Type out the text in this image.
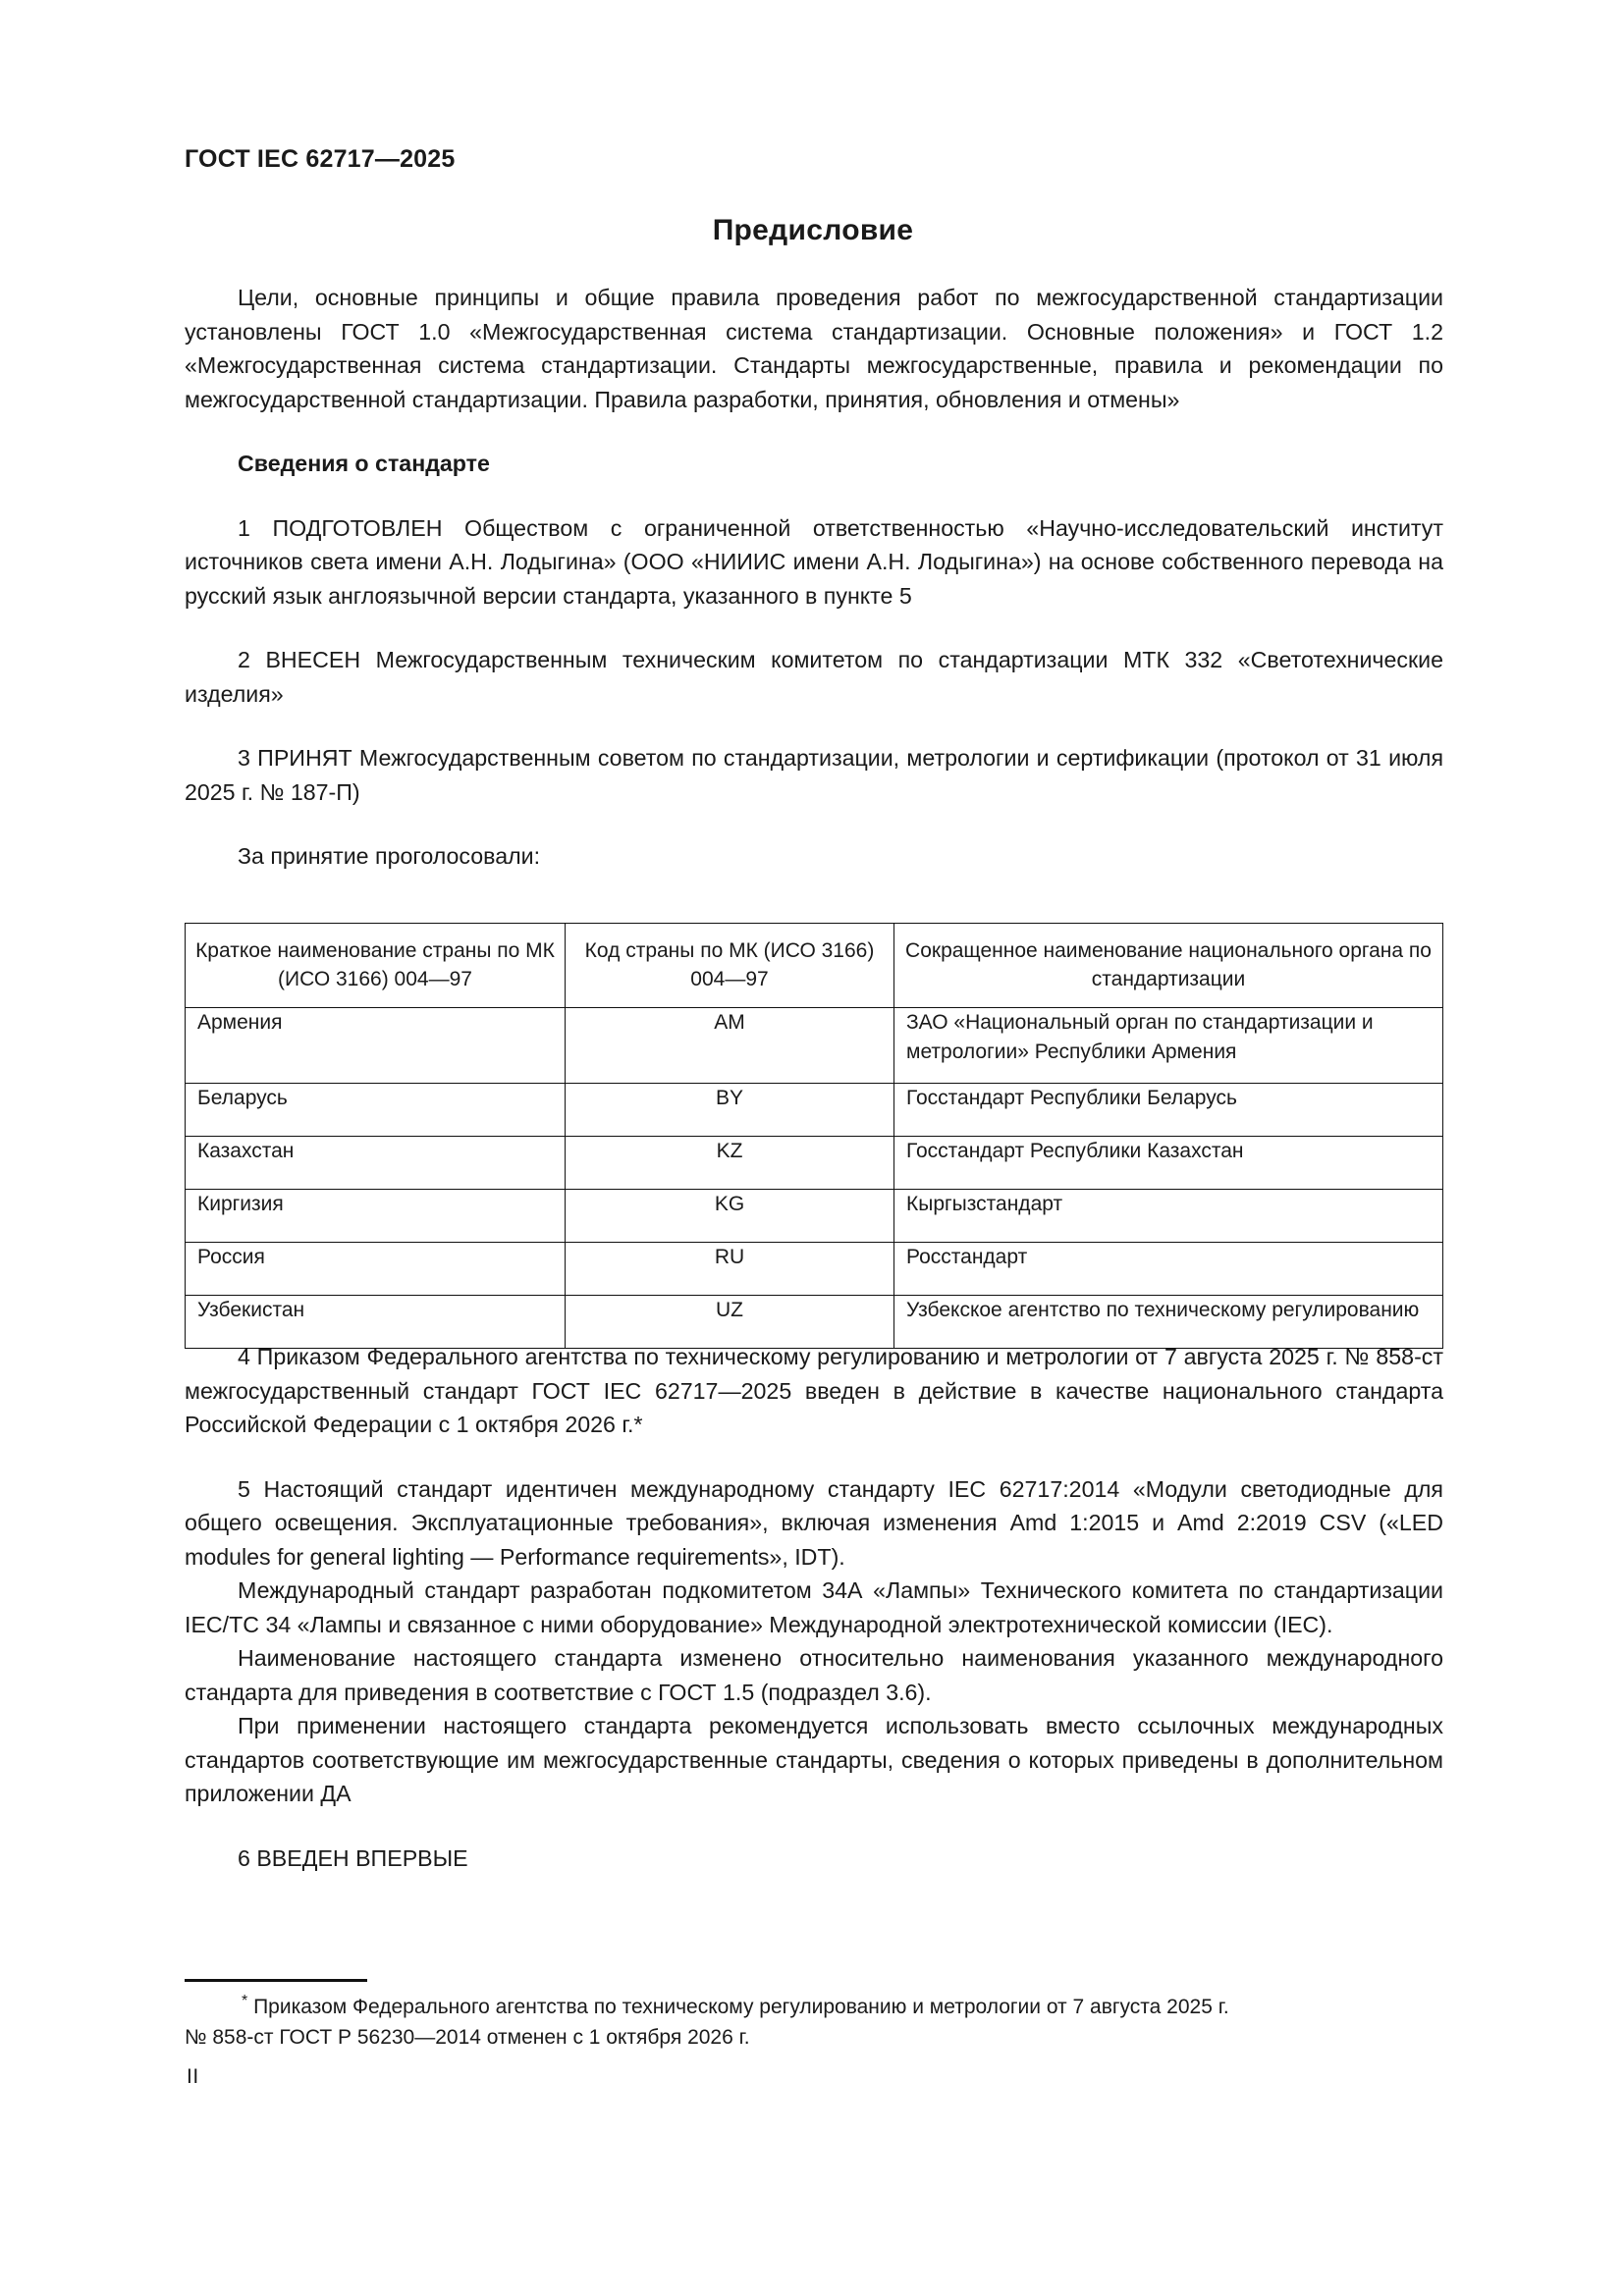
ГОСТ IEC 62717—2025
Предисловие

Цели, основные принципы и общие правила проведения работ по межгосударственной стандартизации установлены ГОСТ 1.0 «Межгосударственная система стандартизации. Основные положения» и ГОСТ 1.2 «Межгосударственная система стандартизации. Стандарты межгосударственные, правила и рекомендации по межгосударственной стандартизации. Правила разработки, принятия, обновления и отмены»

Сведения о стандарте

1 ПОДГОТОВЛЕН Обществом с ограниченной ответственностью «Научно-исследовательский институт источников света имени А.Н. Лодыгина» (ООО «НИИИС имени А.Н. Лодыгина») на основе собственного перевода на русский язык англоязычной версии стандарта, указанного в пункте 5

2 ВНЕСЕН Межгосударственным техническим комитетом по стандартизации МТК 332 «Светотехнические изделия»

3 ПРИНЯТ Межгосударственным советом по стандартизации, метрологии и сертификации (протокол от 31 июля 2025 г. № 187-П)

За принятие проголосовали:

Краткое наименование страны по МК (ИСО 3166) 004—97	Код страны по МК (ИСО 3166) 004—97	Сокращенное наименование национального органа по стандартизации
Армения	AM	ЗАО «Национальный орган по стандартизации и
метрологии» Республики Армения

Беларусь	BY	Госстандарт Республики Беларусь
Казахстан	KZ	Госстандарт Республики Казахстан
Киргизия	KG	Кыргызстандарт
Россия	RU	Росстандарт
Узбекистан	UZ	Узбекское агентство по техническому регулированию

4 Приказом Федерального агентства по техническому регулированию и метрологии от 7 августа 2025 г. № 858-ст межгосударственный стандарт ГОСТ IEC 62717—2025 введен в действие в качестве национального стандарта Российской Федерации с 1 октября 2026 г.*

5 Настоящий стандарт идентичен международному стандарту IEC 62717:2014 «Модули светодиодные для общего освещения. Эксплуатационные требования», включая изменения Amd 1:2015 и Amd 2:2019 CSV («LED modules for general lighting — Performance requirements», IDT).

Международный стандарт разработан подкомитетом 34А «Лампы» Технического комитета по стандартизации IEC/TC 34 «Лампы и связанное с ними оборудование» Международной электротехнической комиссии (IEC).

Наименование настоящего стандарта изменено относительно наименования указанного международного стандарта для приведения в соответствие с ГОСТ 1.5 (подраздел 3.6).

При применении настоящего стандарта рекомендуется использовать вместо ссылочных международных стандартов соответствующие им межгосударственные стандарты, сведения о которых приведены в дополнительном приложении ДА

6 ВВЕДЕН ВПЕРВЫЕ

* Приказом Федерального агентства по техническому регулированию и метрологии от 7 августа 2025 г.

№ 858-ст ГОСТ Р 56230—2014 отменен с 1 октября 2026 г.

II
